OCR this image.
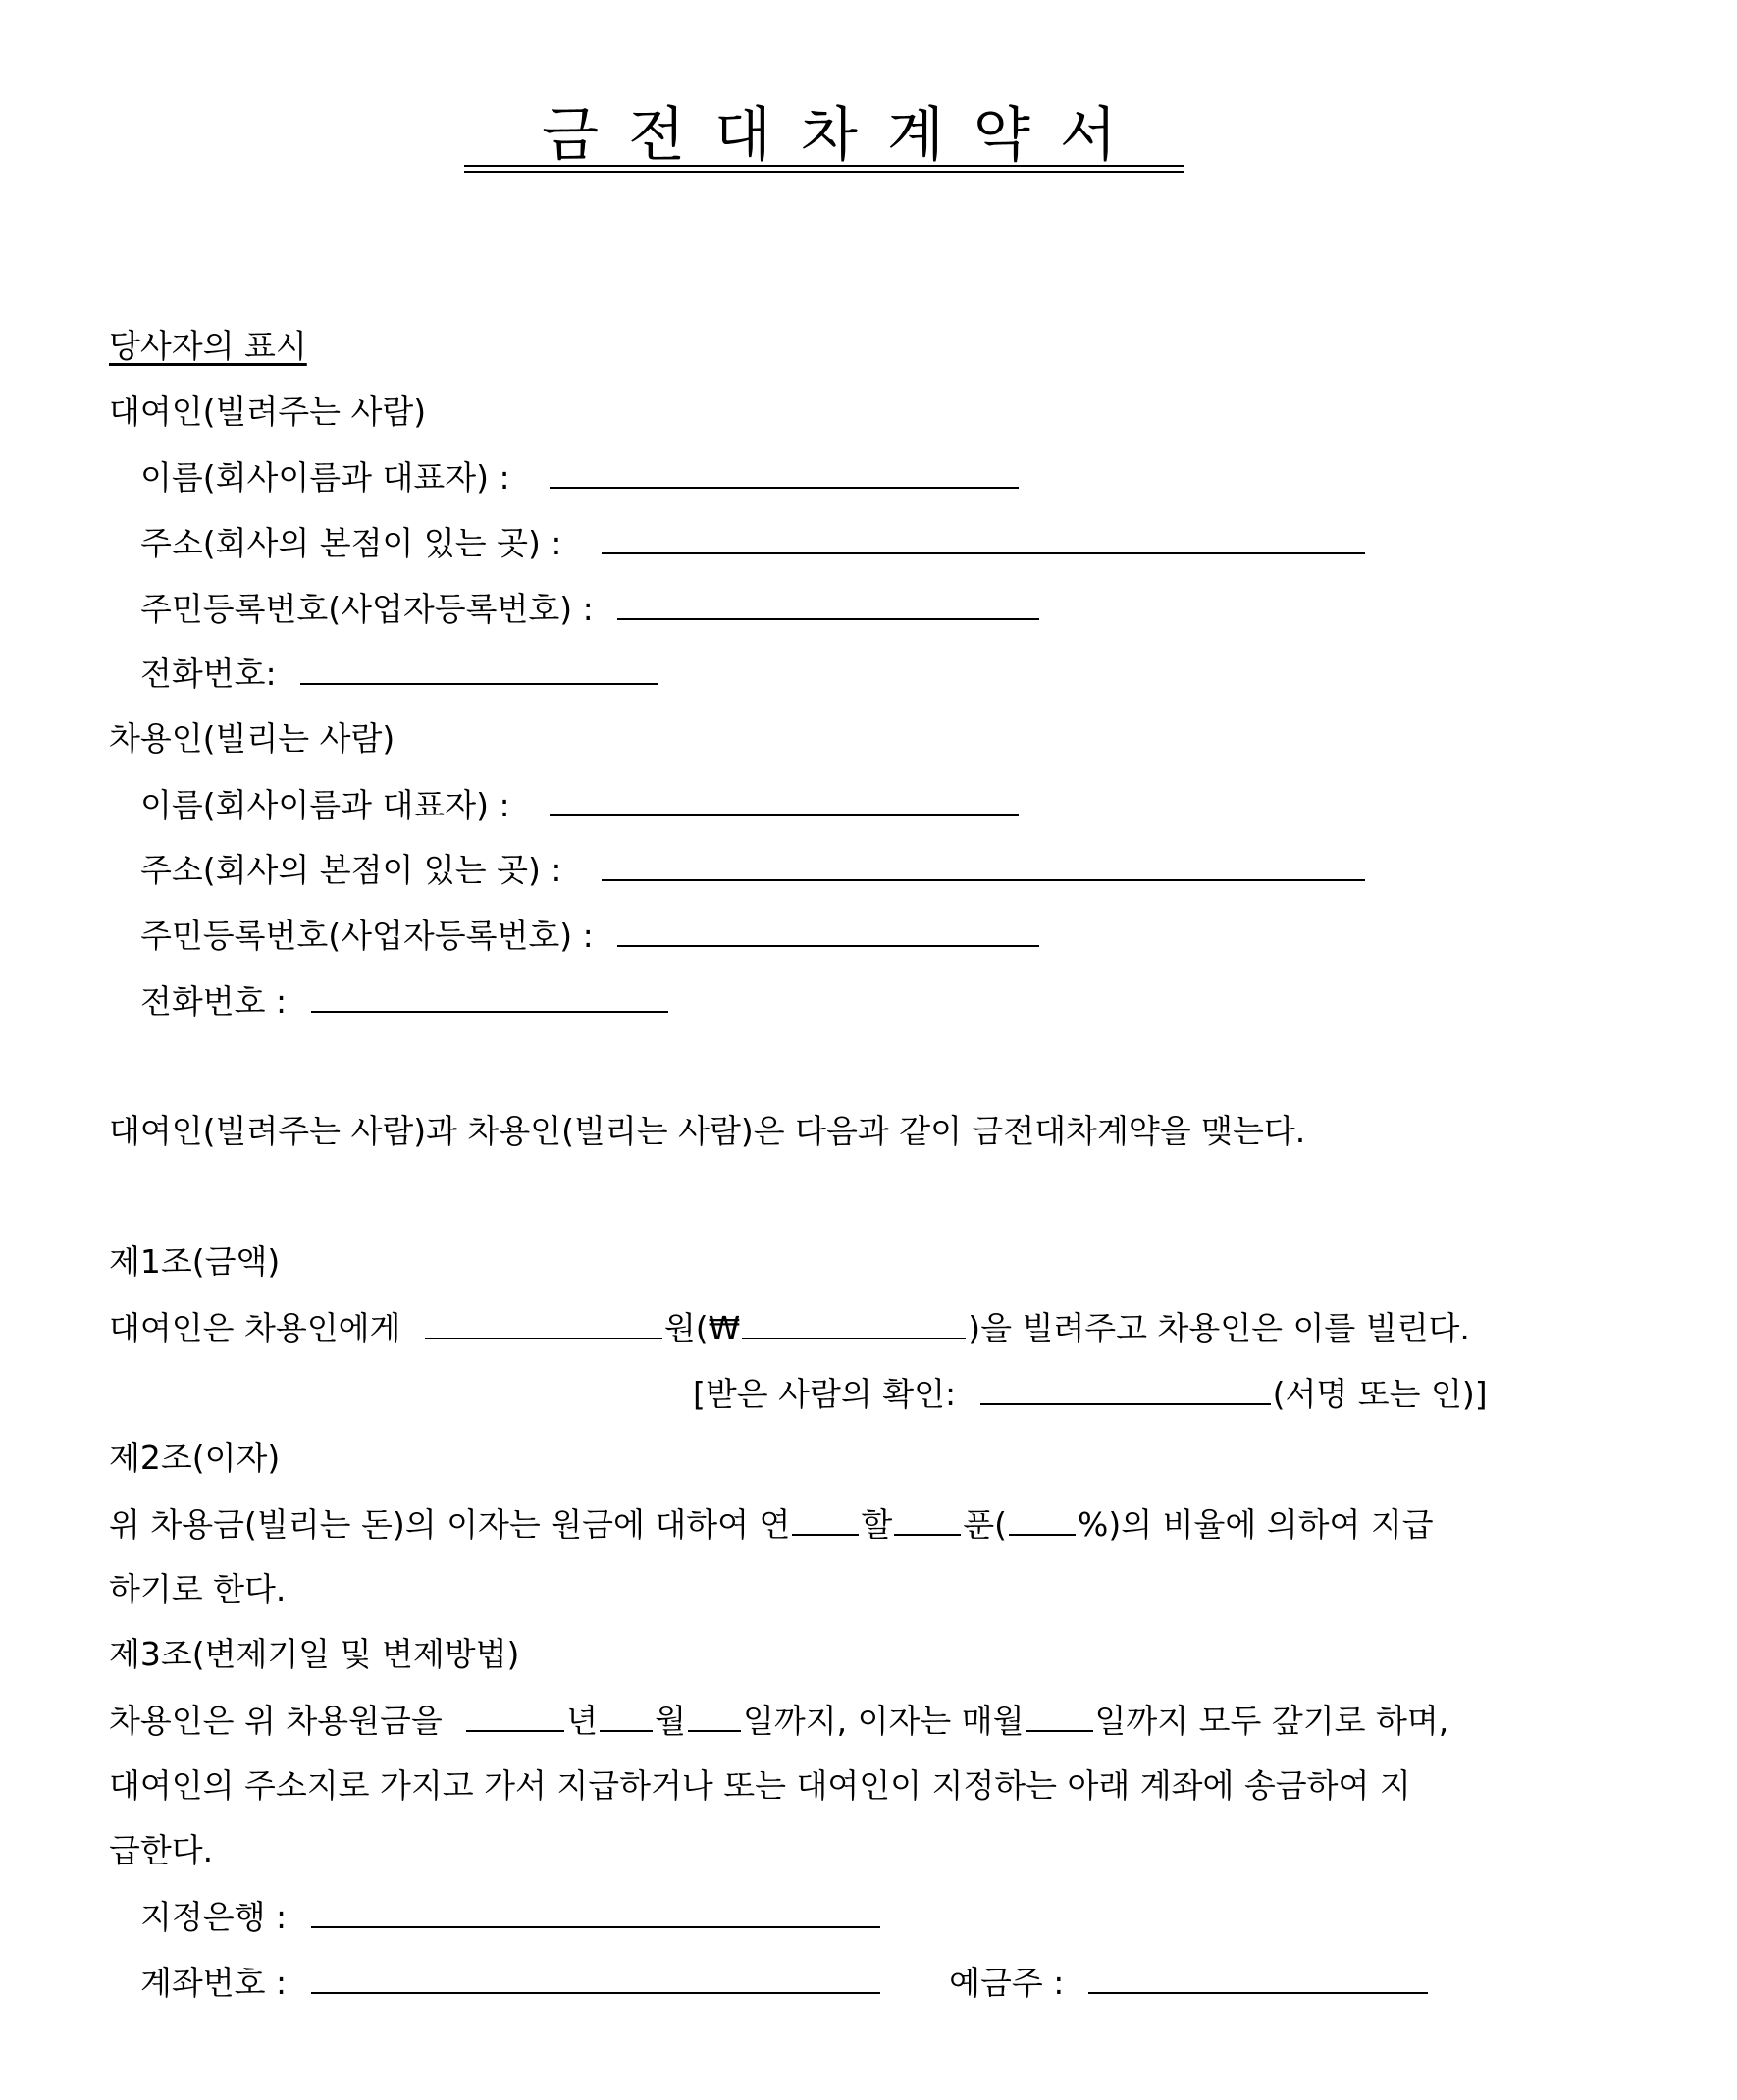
금전대차계약서
당사자의 표시
대여인(빌려주는 사람)
이름(회사이름과 대표자) :
주소(회사의 본점이 있는 곳) :
주민등록번호(사업자등록번호) :
전화번호:
차용인(빌리는 사람)
이름(회사이름과 대표자) :
주소(회사의 본점이 있는 곳) :
주민등록번호(사업자등록번호) :
전화번호 :
대여인(빌려주는 사람)과 차용인(빌리는 사람)은 다음과 같이 금전대차계약을 맺는다.
제1조(금액)
대여인은 차용인에게	원(₩	)을 빌려주고 차용인은 이를 빌린다.
[받은 사람의 확인:	(서명 또는 인)]
제2조(이자)
위 차용금(빌리는 돈)의 이자는 원금에 대하여 연 할 푼( %)의 비율에 의하여 지급
하기로 한다.
제3조(변제기일 및 변제방법)
차용인은 위 차용원금을	년 월 일까지, 이자는 매월 일까지 모두 갚기로 하며,
대여인의 주소지로 가지고 가서 지급하거나 또는 대여인이 지정하는 아래 계좌에 송금하여 지
급한다.
지정은행 :
계좌번호 :	예금주 :
